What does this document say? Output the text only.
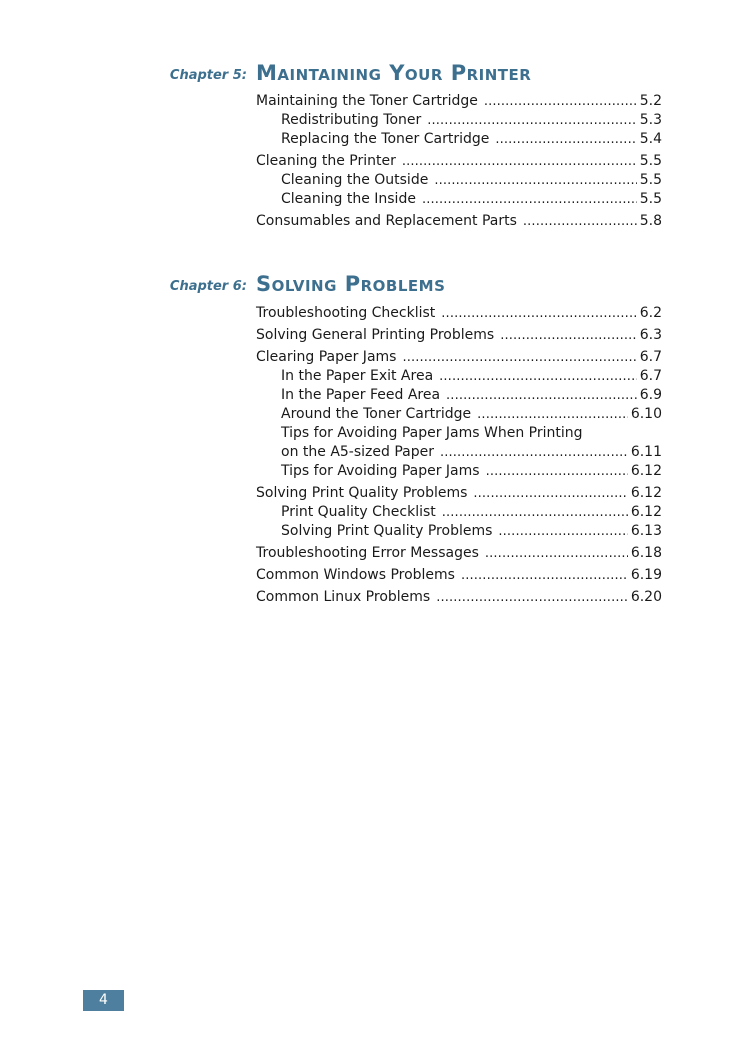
Chapter 5: Maintaining Your Printer
Maintaining the Toner Cartridge . . .	5.2
Redistributing Toner . . .	5.3
Replacing the Toner Cartridge . . .	5.4
Cleaning the Printer . . .	5.5
Cleaning the Outside . . .	5.5
Cleaning the Inside . . .	5.5
Consumables and Replacement Parts . . .	5.8
Chapter 6: Solving Problems
Troubleshooting Checklist . . .	6.2
Solving General Printing Problems . . .	6.3
Clearing Paper Jams . . .	6.7
In the Paper Exit Area . . .	6.7
In the Paper Feed Area . . .	6.9
Around the Toner Cartridge . . .	6.10
Tips for Avoiding Paper Jams When Printing
on the A5-sized Paper . . .	6.11
Tips for Avoiding Paper Jams . . .	6.12
Solving Print Quality Problems . . .	6.12
Print Quality Checklist . . .	6.12
Solving Print Quality Problems . . .	6.13
Troubleshooting Error Messages . . .	6.18
Common Windows Problems . . .	6.19
Common Linux Problems . . .	6.20
4
